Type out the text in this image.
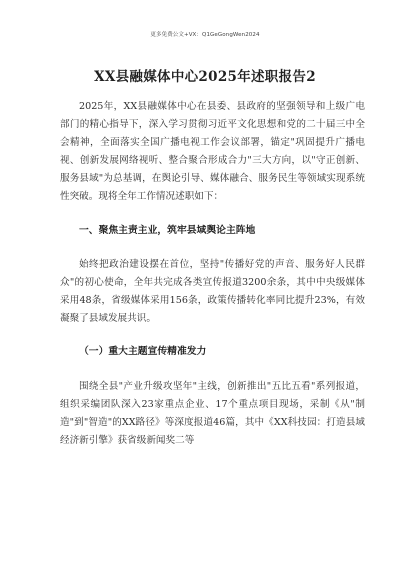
更多免费公文+VX：Q1GeGongWen2024
XX县融媒体中心2025年述职报告2

2025年，XX县融媒体中心在县委、县政府的坚强领导和上级广电部门的精心指导下，深入学习贯彻习近平文化思想和党的二十届三中全会精神，全面落实全国广播电视工作会议部署，锚定"巩固提升广播电视、创新发展网络视听、整合聚合形成合力"三大方向，以"守正创新、服务县域"为总基调，在舆论引导、媒体融合、服务民生等领域实现系统性突破。现将全年工作情况述职如下：

一、聚焦主责主业，筑牢县域舆论主阵地

始终把政治建设摆在首位，坚持"传播好党的声音、服务好人民群众"的初心使命，全年共完成各类宣传报道3200余条，其中中央级媒体采用48条，省级媒体采用156条，政策传播转化率同比提升23%，有效凝聚了县域发展共识。

（一）重大主题宣传精准发力

围绕全县"产业升级攻坚年"主线，创新推出"五比五看"系列报道，组织采编团队深入23家重点企业、17个重点项目现场，采制《从"制造"到"智造"的XX路径》等深度报道46篇，其中《XX科技园：打造县域经济新引擎》获省级新闻奖二等
